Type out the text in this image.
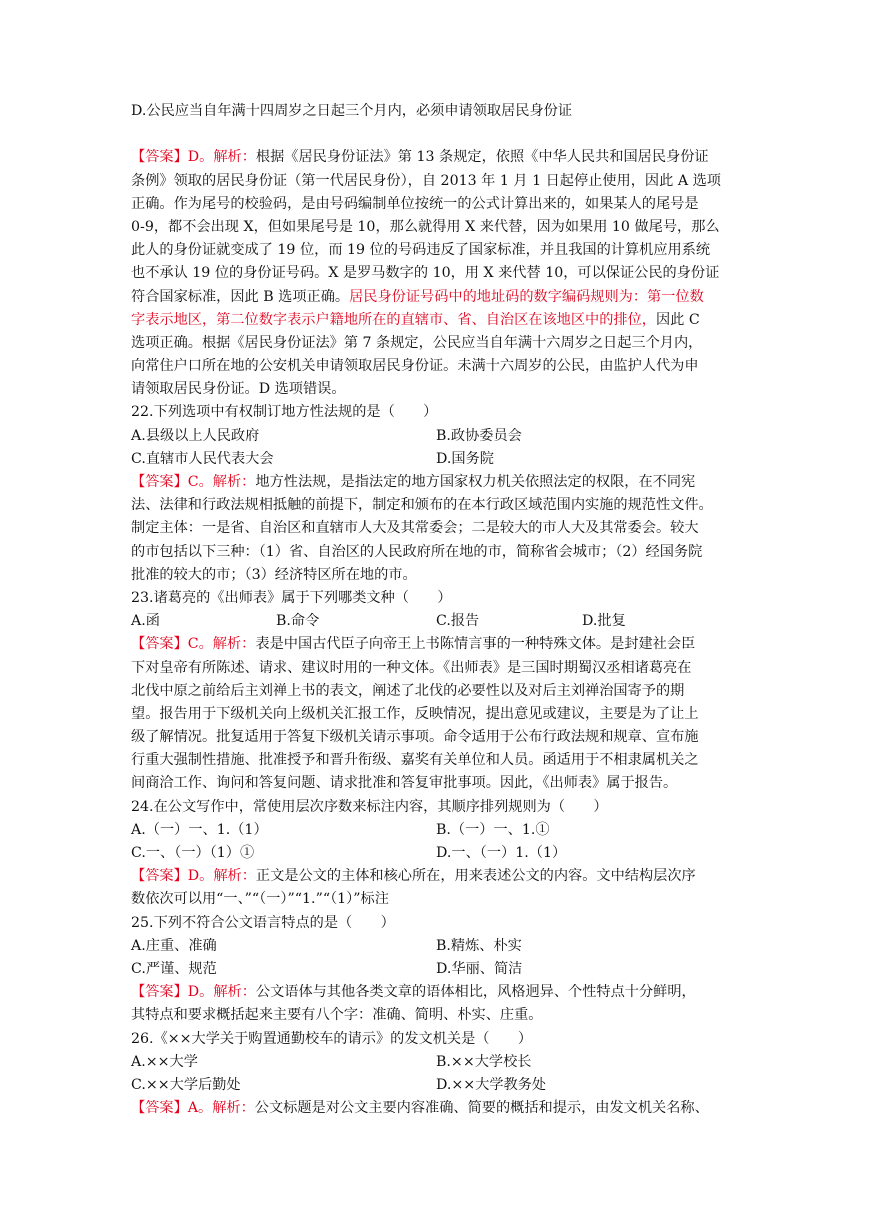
D.公民应当自年满十四周岁之日起三个月内，必须申请领取居民身份证
【答案】D。解析：根据《居民身份证法》第 13 条规定，依照《中华人民共和国居民身份证
条例》领取的居民身份证（第一代居民身份），自 2013 年 1 月 1 日起停止使用，因此 A 选项
正确。作为尾号的校验码，是由号码编制单位按统一的公式计算出来的，如果某人的尾号是
0-9，都不会出现 X，但如果尾号是 10，那么就得用 X 来代替，因为如果用 10 做尾号，那么
此人的身份证就变成了 19 位，而 19 位的号码违反了国家标准，并且我国的计算机应用系统
也不承认 19 位的身份证号码。X 是罗马数字的 10，用 X 来代替 10，可以保证公民的身份证
符合国家标准，因此 B 选项正确。居民身份证号码中的地址码的数字编码规则为：第一位数
字表示地区，第二位数字表示户籍地所在的直辖市、省、自治区在该地区中的排位，因此 C
选项正确。根据《居民身份证法》第 7 条规定，公民应当自年满十六周岁之日起三个月内，
向常住户口所在地的公安机关申请领取居民身份证。未满十六周岁的公民，由监护人代为申
请领取居民身份证。D 选项错误。
22.下列选项中有权制订地方性法规的是（　　）
A.县级以上人民政府	B.政协委员会
C.直辖市人民代表大会	D.国务院
【答案】C。解析：地方性法规，是指法定的地方国家权力机关依照法定的权限，在不同宪
法、法律和行政法规相抵触的前提下，制定和颁布的在本行政区域范围内实施的规范性文件。
制定主体：一是省、自治区和直辖市人大及其常委会；二是较大的市人大及其常委会。较大
的市包括以下三种：（1）省、自治区的人民政府所在地的市，简称省会城市；（2）经国务院
批准的较大的市；（3）经济特区所在地的市。
23.诸葛亮的《出师表》属于下列哪类文种（　　）
A.函	B.命令	C.报告	D.批复
【答案】C。解析：表是中国古代臣子向帝王上书陈情言事的一种特殊文体。是封建社会臣
下对皇帝有所陈述、请求、建议时用的一种文体。《出师表》是三国时期蜀汉丞相诸葛亮在
北伐中原之前给后主刘禅上书的表文，阐述了北伐的必要性以及对后主刘禅治国寄予的期
望。报告用于下级机关向上级机关汇报工作，反映情况，提出意见或建议，主要是为了让上
级了解情况。批复适用于答复下级机关请示事项。命令适用于公布行政法规和规章、宣布施
行重大强制性措施、批准授予和晋升衔级、嘉奖有关单位和人员。函适用于不相隶属机关之
间商洽工作、询问和答复问题、请求批准和答复审批事项。因此，《出师表》属于报告。
24.在公文写作中，常使用层次序数来标注内容，其顺序排列规则为（　　）
A.（一）一、1.（1）	B.（一）一、1.①
C.一、（一）（1）①	D.一、（一）1.（1）
【答案】D。解析：正文是公文的主体和核心所在，用来表述公文的内容。文中结构层次序
数依次可以用“一、”“（一）”“1.”“（1）”标注
25.下列不符合公文语言特点的是（　　）
A.庄重、准确	B.精炼、朴实
C.严谨、规范	D.华丽、简洁
【答案】D。解析：公文语体与其他各类文章的语体相比，风格迥异、个性特点十分鲜明，
其特点和要求概括起来主要有八个字：准确、简明、朴实、庄重。
26.《××大学关于购置通勤校车的请示》的发文机关是（　　）
A.××大学	B.××大学校长
C.××大学后勤处	D.××大学教务处
【答案】A。解析：公文标题是对公文主要内容准确、简要的概括和提示，由发文机关名称、
